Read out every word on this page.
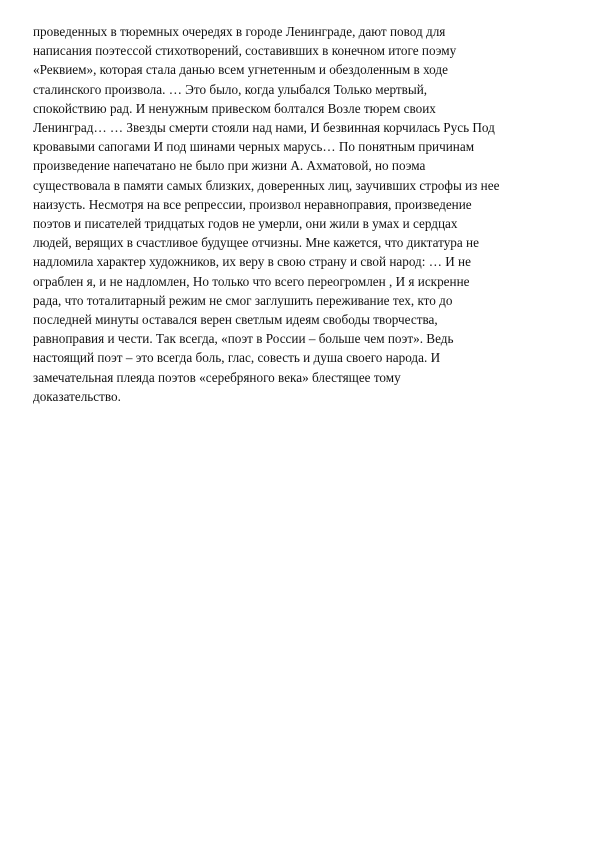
проведенных в тюремных очередях в городе Ленинграде, дают повод для
написания поэтессой стихотворений, составивших в конечном итоге поэму
«Реквием», которая стала данью всем угнетенным и обездоленным в ходе
сталинского произвола. … Это было, когда улыбался Только мертвый,
спокойствию рад. И ненужным привеском болтался Возле тюрем своих
Ленинград… … Звезды смерти стояли над нами, И безвинная корчилась Русь Под
кровавыми сапогами И под шинами черных марусь… По понятным причинам
произведение напечатано не было при жизни А. Ахматовой, но поэма
существовала в памяти самых близких, доверенных лиц, заучивших строфы из нее
наизусть. Несмотря на все репрессии, произвол неравноправия, произведение
поэтов и писателей тридцатых годов не умерли, они жили в умах и сердцах
людей, верящих в счастливое будущее отчизны. Мне кажется, что диктатура не
надломила характер художников, их веру в свою страну и свой народ: … И не
ограблен я, и не надломлен, Но только что всего переогромлен , И я искренне
рада, что тоталитарный режим не смог заглушить переживание тех, кто до
последней минуты оставался верен светлым идеям свободы творчества,
равноправия и чести. Так всегда, «поэт в России – больше чем поэт». Ведь
настоящий поэт – это всегда боль, глас, совесть и душа своего народа. И
замечательная плеяда поэтов «серебряного века» блестящее тому
доказательство.
